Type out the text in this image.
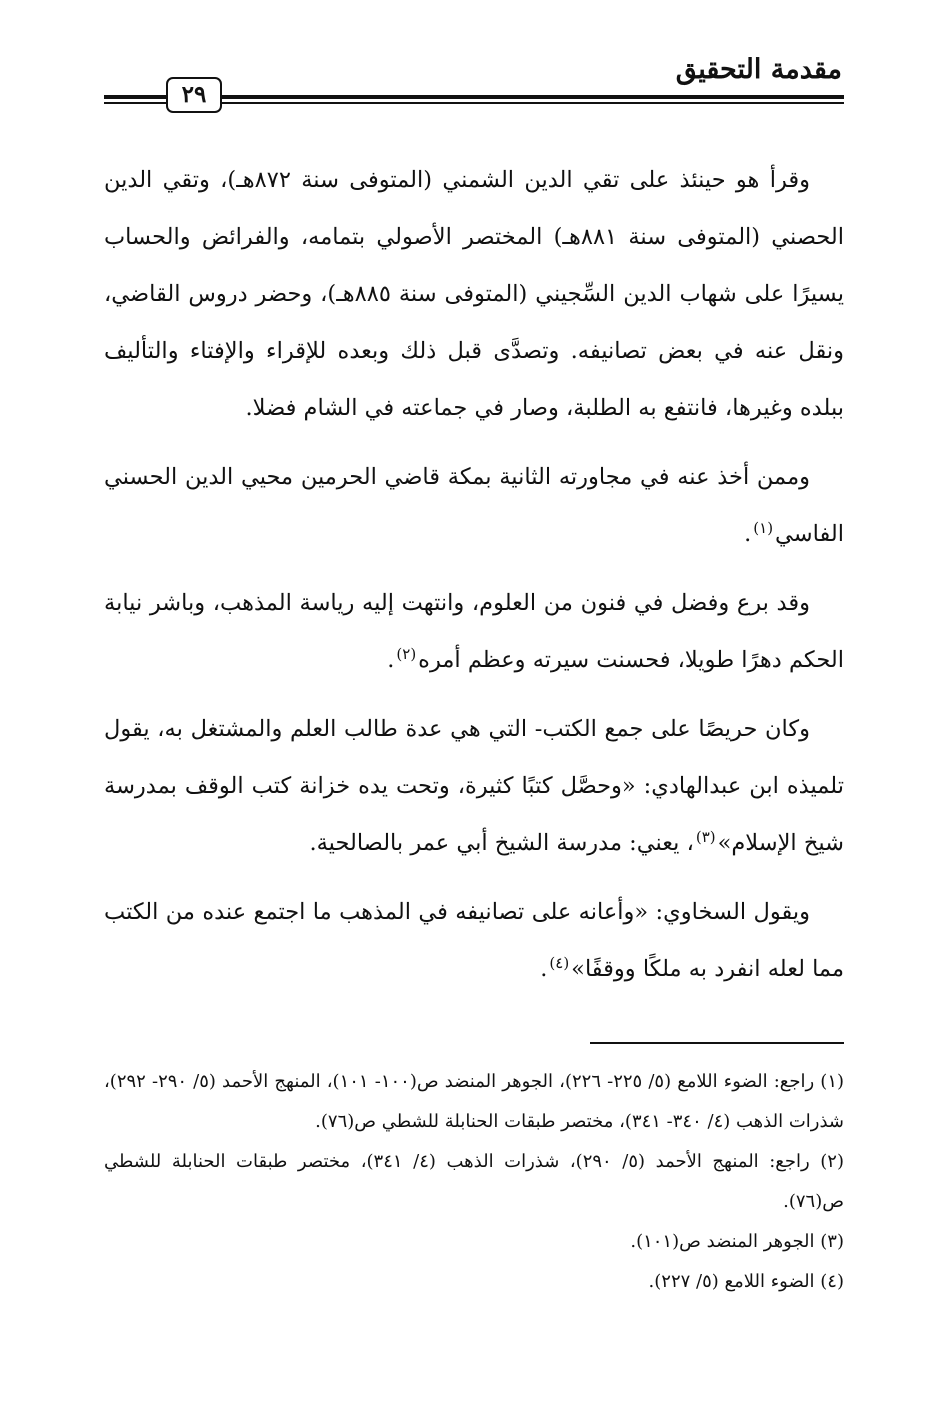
مقدمة التحقيق
٢٩

وقرأ هو حينئذ على تقي الدين الشمني (المتوفى سنة ٨٧٢هـ)، وتقي الدين الحصني (المتوفى سنة ٨٨١هـ) المختصر الأصولي بتمامه، والفرائض والحساب يسيرًا على شهاب الدين السِّجيني (المتوفى سنة ٨٨٥هـ)، وحضر دروس القاضي، ونقل عنه في بعض تصانيفه. وتصدَّى قبل ذلك وبعده للإقراء والإفتاء والتأليف ببلده وغيرها، فانتفع به الطلبة، وصار في جماعته في الشام فضلا.

وممن أخذ عنه في مجاورته الثانية بمكة قاضي الحرمين محيي الدين الحسني الفاسي$^{(١)}$.

وقد برع وفضل في فنون من العلوم، وانتهت إليه رياسة المذهب، وباشر نيابة الحكم دهرًا طويلا، فحسنت سيرته وعظم أمره$^{(٢)}$.

وكان حريصًا على جمع الكتب- التي هي عدة طالب العلم والمشتغل به، يقول تلميذه ابن عبدالهادي: «وحصَّل كتبًا كثيرة، وتحت يده خزانة كتب الوقف بمدرسة شيخ الإسلام»$^{(٣)}$، يعني: مدرسة الشيخ أبي عمر بالصالحية.

ويقول السخاوي: «وأعانه على تصانيفه في المذهب ما اجتمع عنده من الكتب مما لعله انفرد به ملكًا ووقفًا»$^{(٤)}$.

(١) راجع: الضوء اللامع (٥/ ٢٢٥- ٢٢٦)، الجوهر المنضد ص(١٠٠- ١٠١)، المنهج الأحمد (٥/ ٢٩٠- ٢٩٢)، شذرات الذهب (٤/ ٣٤٠- ٣٤١)، مختصر طبقات الحنابلة للشطي ص(٧٦).

(٢) راجع: المنهج الأحمد (٥/ ٢٩٠)، شذرات الذهب (٤/ ٣٤١)، مختصر طبقات الحنابلة للشطي ص(٧٦).

(٣) الجوهر المنضد ص(١٠١).

(٤) الضوء اللامع (٥/ ٢٢٧).
